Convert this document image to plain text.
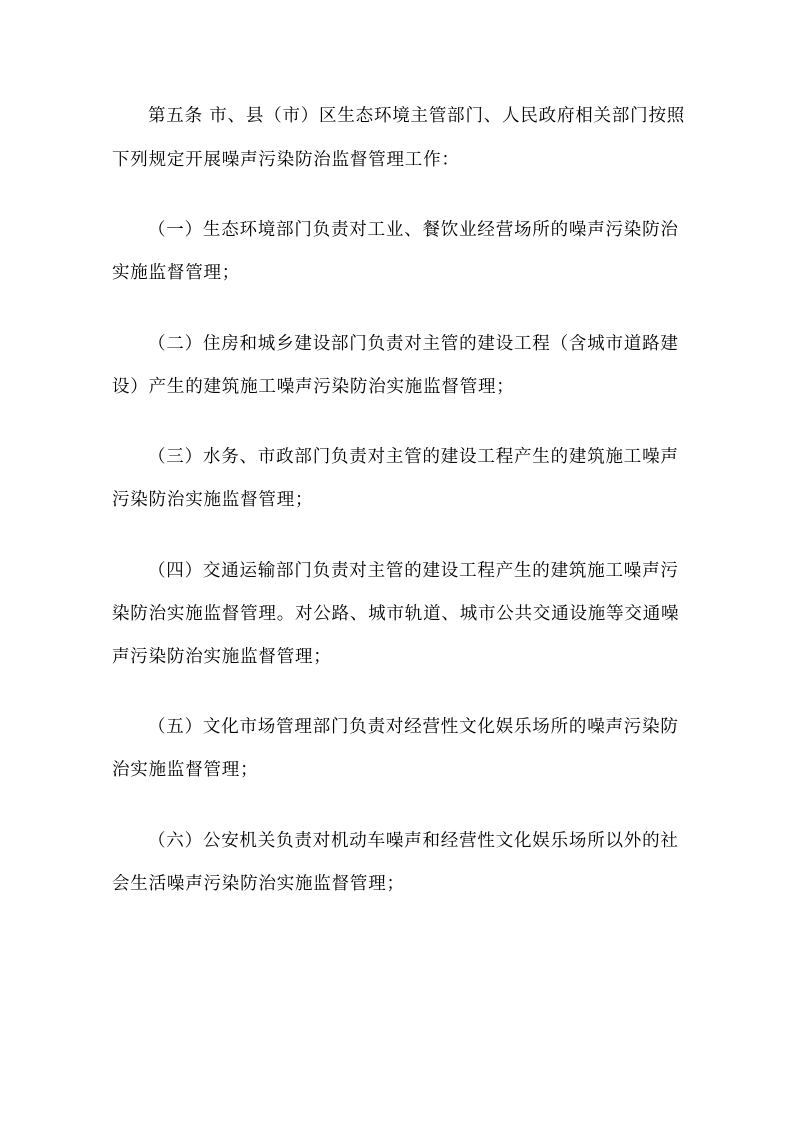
第五条 市、县（市）区生态环境主管部门、人民政府相关部门按照
下列规定开展噪声污染防治监督管理工作：
（一）生态环境部门负责对工业、餐饮业经营场所的噪声污染防治
实施监督管理；
（二）住房和城乡建设部门负责对主管的建设工程（含城市道路建
设）产生的建筑施工噪声污染防治实施监督管理；
（三）水务、市政部门负责对主管的建设工程产生的建筑施工噪声
污染防治实施监督管理；
（四）交通运输部门负责对主管的建设工程产生的建筑施工噪声污
染防治实施监督管理。对公路、城市轨道、城市公共交通设施等交通噪
声污染防治实施监督管理；
（五）文化市场管理部门负责对经营性文化娱乐场所的噪声污染防
治实施监督管理；
（六）公安机关负责对机动车噪声和经营性文化娱乐场所以外的社
会生活噪声污染防治实施监督管理；
